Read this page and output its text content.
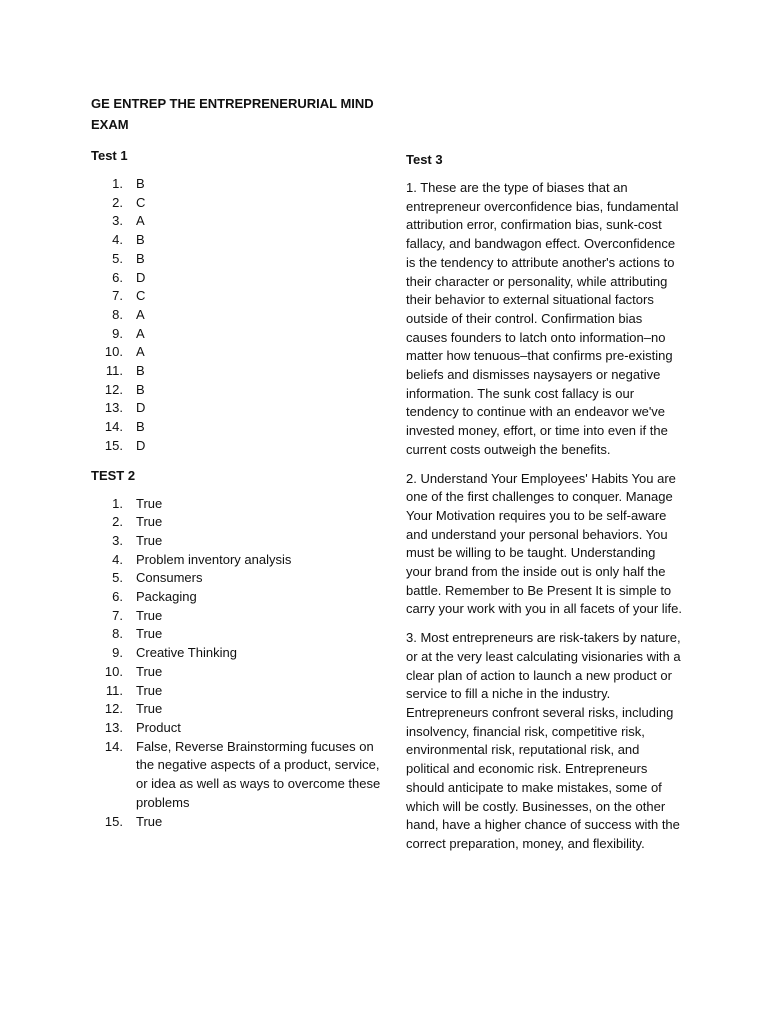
GE ENTREP THE ENTREPRENERURIAL MIND
EXAM
Test 1
1. B
2. C
3. A
4. B
5. B
6. D
7. C
8. A
9. A
10. A
11. B
12. B
13. D
14. B
15. D
TEST 2
1. True
2. True
3. True
4. Problem inventory analysis
5. Consumers
6. Packaging
7. True
8. True
9. Creative Thinking
10. True
11. True
12. True
13. Product
14. False, Reverse Brainstorming fucuses on the negative aspects of a product, service, or idea as well as ways to overcome these problems
15. True
Test 3

1. These are the type of biases that an entrepreneur overconfidence bias, fundamental attribution error, confirmation bias, sunk-cost fallacy, and bandwagon effect. Overconfidence is the tendency to attribute another's actions to their character or personality, while attributing their behavior to external situational factors outside of their control. Confirmation bias causes founders to latch onto information–no matter how tenuous–that confirms pre-existing beliefs and dismisses naysayers or negative information. The sunk cost fallacy is our tendency to continue with an endeavor we've invested money, effort, or time into even if the current costs outweigh the benefits.

2. Understand Your Employees' Habits You are one of the first challenges to conquer. Manage Your Motivation requires you to be self-aware and understand your personal behaviors. You must be willing to be taught. Understanding your brand from the inside out is only half the battle. Remember to Be Present It is simple to carry your work with you in all facets of your life.

3. Most entrepreneurs are risk-takers by nature, or at the very least calculating visionaries with a clear plan of action to launch a new product or service to fill a niche in the industry. Entrepreneurs confront several risks, including insolvency, financial risk, competitive risk, environmental risk, reputational risk, and political and economic risk. Entrepreneurs should anticipate to make mistakes, some of which will be costly. Businesses, on the other hand, have a higher chance of success with the correct preparation, money, and flexibility.
